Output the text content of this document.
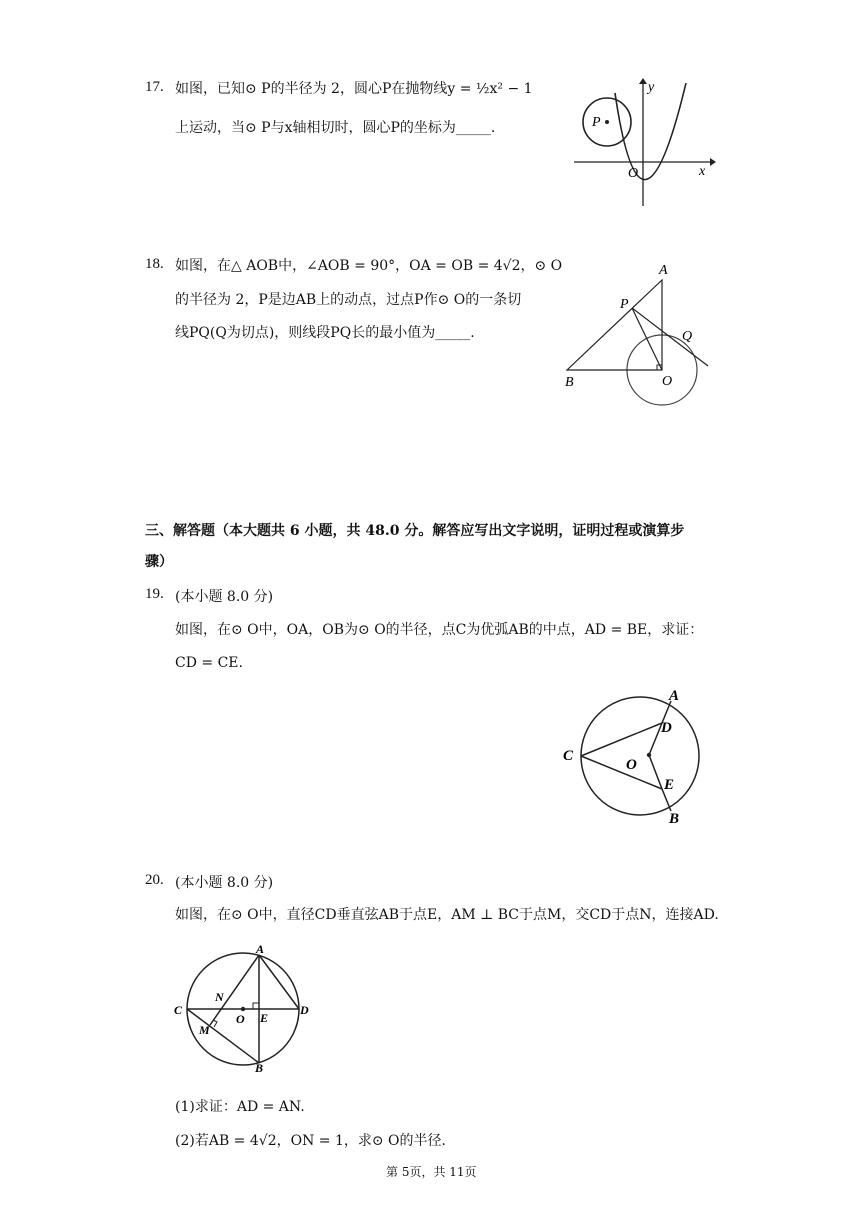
17. 如图，已知⊙ P的半径为 2，圆心P在抛物线y = ½x² − 1
上运动，当⊙ P与x轴相切时，圆心P的坐标为_____.
y
x
O
P
18. 如图，在△ AOB中，∠AOB = 90°，OA = OB = 4√2，⊙ O
的半径为 2，P是边AB上的动点，过点P作⊙ O的一条切
线PQ(Q为切点)，则线段PQ长的最小值为_____.
A
P
Q
B	O
三、解答题（本大题共 6 小题，共 48.0 分。解答应写出文字说明，证明过程或演算步
骤）
19. (本小题 8.0 分)
如图，在⊙ O中，OA，OB为⊙ O的半径，点C为优弧AB的中点，AD = BE，求证：
CD = CE.
A
D
C
O
E
B
20. (本小题 8.0 分)
如图，在⊙ O中，直径CD垂直弦AB于点E，AM ⊥ BC于点M，交CD于点N，连接AD.
A
C
N
O E
D
M
B
(1)求证：AD = AN.
(2)若AB = 4√2，ON = 1，求⊙ O的半径.
第 5页，共 11页
